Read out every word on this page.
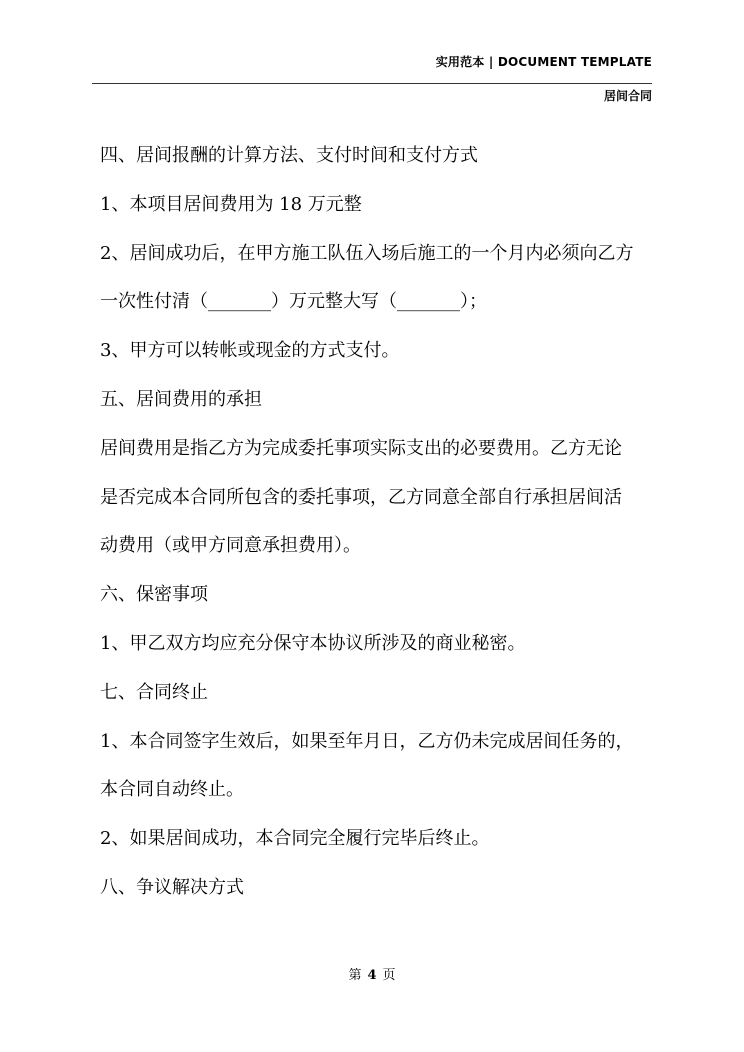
实用范本 | DOCUMENT TEMPLATE
居间合同
四、居间报酬的计算方法、支付时间和支付方式
1、本项目居间费用为 18 万元整
2、居间成功后，在甲方施工队伍入场后施工的一个月内必须向乙方
一次性付清（_______）万元整大写（_______）；
3、甲方可以转帐或现金的方式支付。
五、居间费用的承担
居间费用是指乙方为完成委托事项实际支出的必要费用。乙方无论
是否完成本合同所包含的委托事项，乙方同意全部自行承担居间活
动费用（或甲方同意承担费用）。
六、保密事项
1、甲乙双方均应充分保守本协议所涉及的商业秘密。
七、合同终止
1、本合同签字生效后，如果至年月日，乙方仍未完成居间任务的，
本合同自动终止。
2、如果居间成功，本合同完全履行完毕后终止。
八、争议解决方式
第 4 页
